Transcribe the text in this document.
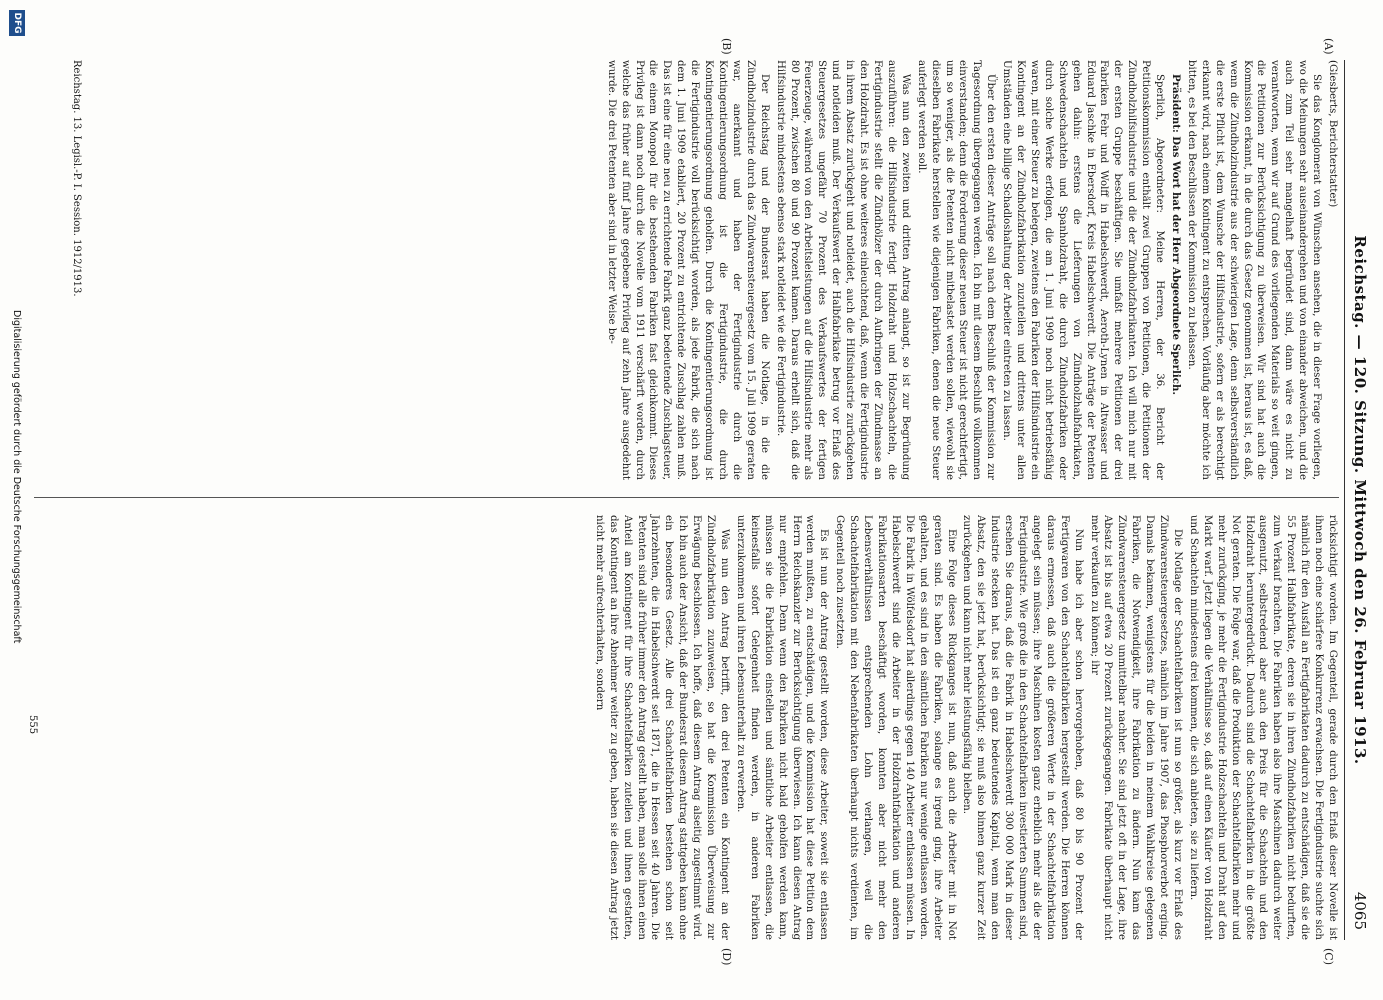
Reichstag. — 120. Sitzung. Mittwoch den 26. Februar 1913.
4065
(A)
(B)
(C)
(D)

(Giesberts, Berichterstatter)

Sie das Konglomerat von Wünschen ansehen, die in dieser Frage vorliegen, wo die Meinungen sehr auseinandergehen und von einander abweichen, und die auch zum Teil sehr mangelhaft begründet sind, dann wäre es nicht zu verantworten, wenn wir auf Grund des vorliegenden Materials so weit gingen, die Petitionen zur Berücksichtigung zu überweisen. Wir sind hat auch die Kommission erkannt, in die durch das Gesetz genommen ist, heraus ist, es daß, wenn die Zündholzindustrie aus der schwierigen Lage, denn selbstverständlich die erste Pflicht ist, dem Wunsche der Hilfsindustrie, sofern er als berechtigt erkannt wird, nach einem Kontingent zu entsprechen. Vorläufig aber möchte ich bitten, es bei den Beschlüssen der Kommission zu belassen.

Präsident: Das Wort hat der Herr Abgeordnete Sperlich.

Sperlich, Abgeordneter: Meine Herren, der 36. Bericht der Petitionskommission enthält zwei Gruppen von Petitionen, die Petitionen der Zündholzhilfsindustrie und die der Zündholzfabrikanten. Ich will mich nur mit der ersten Gruppe beschäftigen. Sie umfaßt mehrere Petitionen der drei Fabriken Fehr und Wolff in Habelschwerdt, Aeroth-Lynen in Altwasser und Eduard Jaschke in Ebersdorf, Kreis Habelschwerdt. Die Anträge der Petenten gehen dahin: erstens die Lieferungen von Zündholzhalbfabrikaten, Schwedenschachteln und Spanholzdraht, die durch Zündholzfabriken oder durch solche Werke erfolgen, die am 1. Juni 1909 noch nicht betriebsfähig waren, mit einer Steuer zu belegen, zweitens den Fabriken der Hilfsindustrie ein Kontingent an der Zündholzfabrikation zuzuteilen und drittens unter allen Umständen eine billige Schadloshaltung der Arbeiter eintreten zu lassen.

Über den ersten dieser Anträge soll nach dem Beschluß der Kommission zur Tagesordnung übergegangen werden. Ich bin mit diesem Beschluß vollkommen einverstanden; denn die Forderung dieser neuen Steuer ist nicht gerechtfertigt, um so weniger, als die Petenten nicht mitbelastet werden sollen, wiewohl sie dieselben Fabrikate herstellen wie diejenigen Fabriken, denen die neue Steuer auferlegt werden soll.

Was nun den zweiten und dritten Antrag anlangt, so ist zur Begründung auszuführen: die Hilfsindustrie fertigt Holzdraht und Holzschachteln, die Fertigindustrie stellt die Zündhölzer der durch Aufbringen der Zündmasse an den Holzdraht. Es ist ohne weiteres einleuchtend, daß, wenn die Fertigindustrie in ihrem Absatz zurückgeht und notleidet, auch die Hilfsindustrie zurückgehen und notleiden muß. Der Verkaufswert der Halbfabrikate betrug vor Erlaß des Steuergesetzes ungefähr 70 Prozent des Verkaufswertes der fertigen Feuerzeuge, während von den Arbeitsleistungen auf die Hilfsindustrie mehr als 80 Prozent, zwischen 80 und 90 Prozent kamen. Daraus erhellt sich, daß die Hilfsindustrie mindestens ebenso stark notleidet wie die Fertigindustrie.

Der Reichstag und der Bundesrat haben die Notlage, in die die Zündholzindustrie durch das Zündwarensteuergesetz vom 15. Juli 1909 geraten war, anerkannt und haben der Fertigindustrie durch die Kontingentierungsordnung ist die Fertigindustrie, die durch Kontingentierungsordnung geholfen. Durch die Kontingentierungsordnung ist die Fertigindustrie voll berücksichtigt worden, als jede Fabrik, die sich nach dem 1. Juni 1909 etabliert, 20 Prozent zu entrichtende Zuschlag zahlen muß. Das ist eine für eine neu zu errichtende Fabrik ganz bedeutende Zuschlagsteuer, die einem Monopol für die bestehenden Fabriken fast gleichkommt. Dieses Privileg ist dann noch durch die Novelle vom 1911 verschärft worden, durch welche das früher auf fünf Jahre gegebene Privileg auf zehn Jahre ausgedehnt wurde. Die drei Petenten aber sind in letzter Weise be-

rücksichtigt worden. Im Gegenteil, gerade durch den Erlaß dieser Novelle ist ihnen noch eine schärfere Konkurrenz erwachsen. Die Fertigindustrie suchte sich nämlich für den Ausfall an Fertigfabrikaten dadurch zu entschädigen, daß sie die 55 Prozent Halbfabrikate, deren sie in ihren Zündholzfabriken nicht bedurften, zum Verkauf brachten. Die Fabriken haben also ihre Maschinen dadurch weiter ausgenutzt, selbstredend aber auch den Preis für die Schachteln und den Holzdraht heruntergedrückt. Dadurch sind die Schachtelfabriken in die größte Not geraten. Die Folge war, daß die Produktion der Schachtelfabriken mehr und mehr zurückging, je mehr die Fertigindustrie Holzschachteln und Draht auf den Markt warf. Jetzt liegen die Verhältnisse so, daß auf einen Käufer von Holzdraht und Schachteln mindestens drei kommen, die sich anbieten, sie zu liefern.

Die Notlage der Schachtelfabriken ist nun so größer, als kurz vor Erlaß des Zündwarensteuergesetzes, nämlich im Jahre 1907, das Phosphorverbot erging. Damals bekamen, wenigstens für die beiden in meinem Wahlkreise gelegenen Fabriken, die Notwendigkeit, ihre Fabrikation zu ändern. Nun kam das Zündwarensteuergesetz unmittelbar nachher. Sie sind jetzt oft in der Lage, ihre Absatz ist bis auf etwa 20 Prozent zurückgegangen. Fabrikate überhaupt nicht mehr verkaufen zu können; ihr

Nun habe ich aber schon hervorgehoben, daß 80 bis 90 Prozent der Fertigwaren von den Schachtelfabriken hergestellt werden. Die Herren können daraus ermessen, daß auch die größeren Werte in der Schachtelfabrikation angelegt sein müssen; ihre Maschinen kosten ganz erheblich mehr als die der Fertigindustrie. Wie groß die in den Schachtelfabriken investierten Summen sind, ersehen Sie daraus, daß die Fabrik in Habelschwerdt 300 000 Mark in dieser Industrie stecken hat. Das ist ein ganz bedeutendes Kapital, wenn man den Absatz, den sie jetzt hat, berücksichtigt; sie muß also binnen ganz kurzer Zeit zurückgehen und kann nicht mehr leistungsfähig bleiben.

Eine Folge dieses Rückganges ist nun, daß auch die Arbeiter mit in Not geraten sind. Es haben die Fabriken, solange es irgend ging, ihre Arbeiter gehalten, und es sind in den sämtlichen Fabriken nur wenige entlassen worden. Die Fabrik in Wölfelsdorf hat allerdings gegen 140 Arbeiter entlassen müssen. In Habelschwerdt sind die Arbeiter in der Holzdrahtfabrikation und anderen Fabrikationsarten beschäftigt worden, konnten aber nicht mehr den Lebensverhältnissen entsprechenden Lohn verlangen, weil die Schachtelfabrikation mit den Nebenfabrikaten überhaupt nichts verdienten, im Gegenteil noch zusetzten.

Es ist nun der Antrag gestellt worden, diese Arbeiter, soweit sie entlassen werden mußten, zu entschädigen, und die Kommission hat diese Petition dem Herrn Reichskanzler zur Berücksichtigung überwiesen. Ich kann diesen Antrag nur empfehlen. Denn wenn den Fabriken nicht bald geholfen werden kann, müssen sie die Fabrikation einstellen und sämtliche Arbeiter entlassen, die keinesfalls sofort Gelegenheit finden werden, in anderen Fabriken unterzukommen und ihren Lebensunterhalt zu erwerben.

Was nun den Antrag betrifft, den drei Petenten ein Kontingent an der Zündholzfabrikation zuzuweisen, so hat die Kommission Überweisung zur Erwägung beschlossen. Ich hoffe, daß diesem Antrag alseitig zugestimmt wird. Ich bin auch der Ansicht, daß der Bundesrat diesem Antrag stattgeben kann ohne ein besonderes Gesetz. Alle drei Schachtelfabriken bestehen schon seit Jahrzehnten, die in Habelschwerdt seit 1871, die in Hessen seit 40 Jahren. Die Petenten sind alle früher immer den Antrag gestellt haben, man solle ihnen einen Anteil am Kontingent für ihre Schachtelfabriken zuteilen und ihnen gestatten, das Kontingent an ihre Abnehmer weiter zu geben, haben sie diesen Antrag jetzt nicht mehr aufrechterhalten, sondern

Reichstag. 13. Legisl.-P. I. Session. 1912/1913.
555
DFG
Digitalisierung gefördert durch die Deutsche Forschungsgemeinschaft
